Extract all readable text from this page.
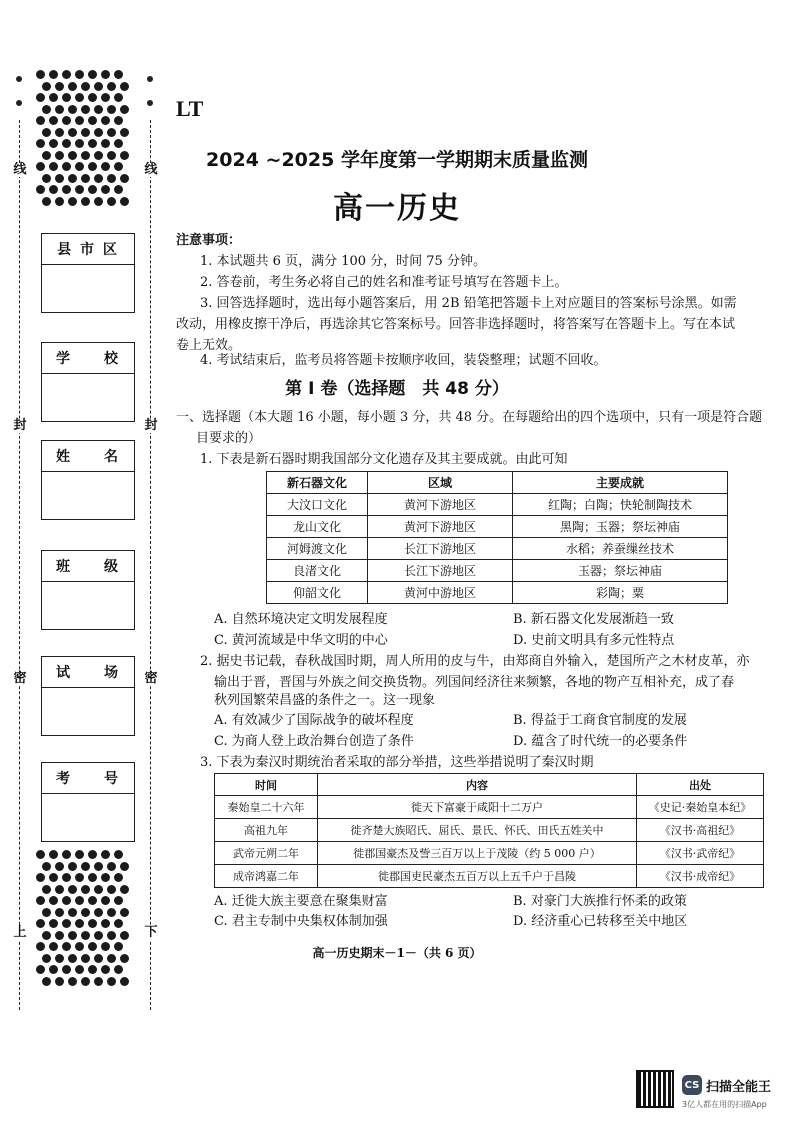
线
封
密
上
线
封
密
下
县 市 区
学　　校
姓　　名
班　　级
试　　场
考　　号
LT
2024 ~2025 学年度第一学期期末质量监测
高一历史
注意事项：
1. 本试题共 6 页，满分 100 分，时间 75 分钟。
2. 答卷前，考生务必将自己的姓名和准考证号填写在答题卡上。
3. 回答选择题时，选出每小题答案后，用 2B 铅笔把答题卡上对应题目的答案标号涂黑。如需
改动，用橡皮擦干净后，再选涂其它答案标号。回答非选择题时，将答案写在答题卡上。写在本试
卷上无效。
4. 考试结束后，监考员将答题卡按顺序收回，装袋整理；试题不回收。
第 Ⅰ 卷（选择题　共 48 分）
一、选择题（本大题 16 小题，每小题 3 分，共 48 分。在每题给出的四个选项中，只有一项是符合题
目要求的）
1. 下表是新石器时期我国部分文化遗存及其主要成就。由此可知
新石器文化	区域	主要成就
大汶口文化	黄河下游地区	红陶；白陶；快轮制陶技术
龙山文化	黄河下游地区	黑陶；玉器；祭坛神庙
河姆渡文化	长江下游地区	水稻；养蚕缫丝技术
良渚文化	长江下游地区	玉器；祭坛神庙
仰韶文化	黄河中游地区	彩陶；粟
A. 自然环境决定文明发展程度	B. 新石器文化发展渐趋一致
C. 黄河流域是中华文明的中心	D. 史前文明具有多元性特点
2. 据史书记载，春秋战国时期，周人所用的皮与牛，由郑商自外输入，楚国所产之木材皮革，亦
输出于晋，晋国与外族之间交换货物。列国间经济往来频繁，各地的物产互相补充，成了春
秋列国繁荣昌盛的条件之一。这一现象
A. 有效减少了国际战争的破坏程度	B. 得益于工商食官制度的发展
C. 为商人登上政治舞台创造了条件	D. 蕴含了时代统一的必要条件
3. 下表为秦汉时期统治者采取的部分举措，这些举措说明了秦汉时期
时间	内容	出处
秦始皇二十六年	徙天下富豪于咸阳十二万户	《史记·秦始皇本纪》
高祖九年	徙齐楚大族昭氏、屈氏、景氏、怀氏、田氏五姓关中	《汉书·高祖纪》
武帝元朔二年	徙郡国豪杰及訾三百万以上于茂陵（约 5 000 户）	《汉书·武帝纪》
成帝鸿嘉二年	徙郡国吏民豪杰五百万以上五千户于昌陵	《汉书·成帝纪》
A. 迁徙大族主要意在聚集财富	B. 对豪门大族推行怀柔的政策
C. 君主专制中央集权体制加强	D. 经济重心已转移至关中地区
高一历史期末－1－（共 6 页）
CS 扫描全能王
3亿人都在用的扫描App
